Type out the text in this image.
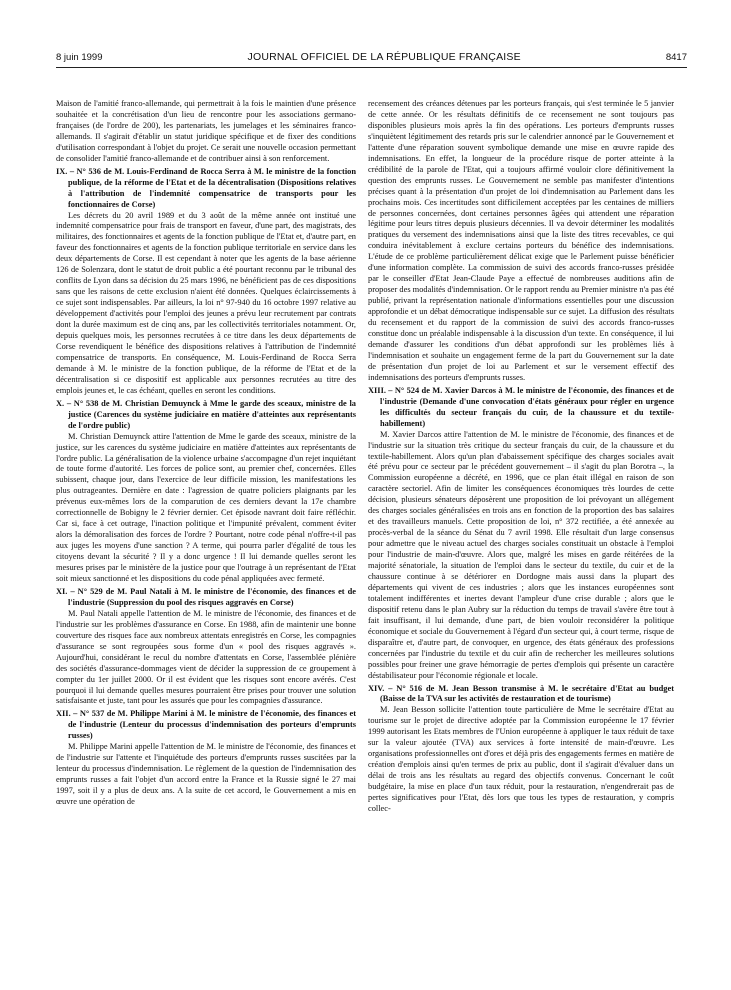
8 juin 1999	JOURNAL OFFICIEL DE LA RÉPUBLIQUE FRANÇAISE	8417

Maison de l'amitié franco-allemande, qui permettrait à la fois le maintien d'une présence souhaitée et la concrétisation d'un lieu de rencontre pour les associations germano-françaises (de l'ordre de 200), les partenariats, les jumelages et les séminaires franco-allemands. Il s'agirait d'établir un statut juridique spécifique et de fixer des conditions d'utilisation correspondant à l'objet du projet. Ce serait une nouvelle occasion permettant de consolider l'amitié franco-allemande et de contribuer ainsi à son renforcement.

IX. – N° 536 de M. Louis-Ferdinand de Rocca Serra à M. le ministre de la fonction publique, de la réforme de l'Etat et de la décentralisation (Dispositions relatives à l'attribution de l'indemnité compensatrice de transports pour les fonctionnaires de Corse)

Les décrets du 20 avril 1989 et du 3 août de la même année ont institué une indemnité compensatrice pour frais de transport en faveur, d'une part, des magistrats, des militaires, des fonctionnaires et agents de la fonction publique de l'Etat et, d'autre part, en faveur des fonctionnaires et agents de la fonction publique territoriale en service dans les deux départements de Corse. Il est cependant à noter que les agents de la base aérienne 126 de Solenzara, dont le statut de droit public a été pourtant reconnu par le tribunal des conflits de Lyon dans sa décision du 25 mars 1996, ne bénéficient pas de ces dispositions sans que les raisons de cette exclusion n'aient été données. Quelques éclaircissements à ce sujet sont indispensables. Par ailleurs, la loi n° 97-940 du 16 octobre 1997 relative au développement d'activités pour l'emploi des jeunes a prévu leur recrutement par contrats dont la durée maximum est de cinq ans, par les collectivités territoriales notamment. Or, depuis quelques mois, les personnes recrutées à ce titre dans les deux départements de Corse revendiquent le bénéfice des dispositions relatives à l'attribution de l'indemnité compensatrice de transports. En conséquence, M. Louis-Ferdinand de Rocca Serra demande à M. le ministre de la fonction publique, de la réforme de l'Etat et de la décentralisation si ce dispositif est applicable aux personnes recrutées au titre des emplois jeunes et, le cas échéant, quelles en seront les conditions.

X. – N° 538 de M. Christian Demuynck à Mme le garde des sceaux, ministre de la justice (Carences du système judiciaire en matière d'atteintes aux représentants de l'ordre public)

M. Christian Demuynck attire l'attention de Mme le garde des sceaux, ministre de la justice, sur les carences du système judiciaire en matière d'atteintes aux représentants de l'ordre public. La généralisation de la violence urbaine s'accompagne d'un rejet inquiétant de toute forme d'autorité. Les forces de police sont, au premier chef, concernées. Elles subissent, chaque jour, dans l'exercice de leur difficile mission, les manifestations les plus outrageantes. Dernière en date : l'agression de quatre policiers plaignants par les prévenus eux-mêmes lors de la comparution de ces derniers devant la 17e chambre correctionnelle de Bobigny le 2 février dernier. Cet épisode navrant doit faire réfléchir. Car si, face à cet outrage, l'inaction politique et l'impunité prévalent, comment éviter alors la démoralisation des forces de l'ordre ? Pourtant, notre code pénal n'offre-t-il pas aux juges les moyens d'une sanction ? A terme, qui pourra parler d'égalité de tous les citoyens devant la sécurité ? Il y a donc urgence ! Il lui demande quelles seront les mesures prises par le ministère de la justice pour que l'outrage à un représentant de l'Etat soit mieux sanctionné et les dispositions du code pénal appliquées avec fermeté.

XI. – N° 529 de M. Paul Natali à M. le ministre de l'économie, des finances et de l'industrie (Suppression du pool des risques aggravés en Corse)

M. Paul Natali appelle l'attention de M. le ministre de l'économie, des finances et de l'industrie sur les problèmes d'assurance en Corse. En 1988, afin de maintenir une bonne couverture des risques face aux nombreux attentats enregistrés en Corse, les compagnies d'assurance se sont regroupées sous forme d'un « pool des risques aggravés ». Aujourd'hui, considérant le recul du nombre d'attentats en Corse, l'assemblée plénière des sociétés d'assurance-dommages vient de décider la suppression de ce groupement à compter du 1er juillet 2000. Or il est évident que les risques sont encore avérés. C'est pourquoi il lui demande quelles mesures pourraient être prises pour trouver une solution satisfaisante et juste, tant pour les assurés que pour les compagnies d'assurance.

XII. – N° 537 de M. Philippe Marini à M. le ministre de l'économie, des finances et de l'industrie (Lenteur du processus d'indemnisation des porteurs d'emprunts russes)

M. Philippe Marini appelle l'attention de M. le ministre de l'économie, des finances et de l'industrie sur l'attente et l'inquiétude des porteurs d'emprunts russes suscitées par la lenteur du processus d'indemnisation. Le règlement de la question de l'indemnisation des emprunts russes a fait l'objet d'un accord entre la France et la Russie signé le 27 mai 1997, soit il y a plus de deux ans. A la suite de cet accord, le Gouvernement a mis en œuvre une opération de

recensement des créances détenues par les porteurs français, qui s'est terminée le 5 janvier de cette année. Or les résultats définitifs de ce recensement ne sont toujours pas disponibles plusieurs mois après la fin des opérations. Les porteurs d'emprunts russes s'inquiètent légitimement des retards pris sur le calendrier annoncé par le Gouvernement et l'attente d'une réparation souvent symbolique demande une mise en œuvre rapide des indemnisations. En effet, la longueur de la procédure risque de porter atteinte à la crédibilité de la parole de l'Etat, qui a toujours affirmé vouloir clore définitivement la question des emprunts russes. Le Gouvernement ne semble pas manifester d'intentions précises quant à la présentation d'un projet de loi d'indemnisation au Parlement dans les prochains mois. Ces incertitudes sont difficilement acceptées par les centaines de milliers de personnes concernées, dont certaines personnes âgées qui attendent une réparation légitime pour leurs titres depuis plusieurs décennies. Il va devoir déterminer les modalités pratiques du versement des indemnisations ainsi que la liste des titres recevables, ce qui conduira inévitablement à exclure certains porteurs du bénéfice des indemnisations. L'étude de ce problème particulièrement délicat exige que le Parlement puisse bénéficier d'une information complète. La commission de suivi des accords franco-russes présidée par le conseiller d'Etat Jean-Claude Paye a effectué de nombreuses auditions afin de proposer des modalités d'indemnisation. Or le rapport rendu au Premier ministre n'a pas été publié, privant la représentation nationale d'informations essentielles pour une discussion approfondie et un débat démocratique indispensable sur ce sujet. La diffusion des résultats du recensement et du rapport de la commission de suivi des accords franco-russes constitue donc un préalable indispensable à la discussion d'un texte. En conséquence, il lui demande d'assurer les conditions d'un débat approfondi sur les problèmes liés à l'indemnisation et souhaite un engagement ferme de la part du Gouvernement sur la date de présentation d'un projet de loi au Parlement et sur le versement effectif des indemnisations des porteurs d'emprunts russes.

XIII. – N° 524 de M. Xavier Darcos à M. le ministre de l'économie, des finances et de l'industrie (Demande d'une convocation d'états généraux pour régler en urgence les difficultés du secteur français du cuir, de la chaussure et du textile-habillement)

M. Xavier Darcos attire l'attention de M. le ministre de l'économie, des finances et de l'industrie sur la situation très critique du secteur français du cuir, de la chaussure et du textile-habillement. Alors qu'un plan d'abaissement spécifique des charges sociales avait été prévu pour ce secteur par le précédent gouvernement – il s'agit du plan Borotra –, la Commission européenne a décrété, en 1996, que ce plan était illégal en raison de son caractère sectoriel. Afin de limiter les conséquences économiques très lourdes de cette décision, plusieurs sénateurs déposèrent une proposition de loi prévoyant un allégement des charges sociales généralisées en trois ans en fonction de la proportion des bas salaires et des travailleurs manuels. Cette proposition de loi, n° 372 rectifiée, a été annexée au procès-verbal de la séance du Sénat du 7 avril 1998. Elle résultait d'un large consensus pour admettre que le niveau actuel des charges sociales constituait un obstacle à l'emploi pour l'industrie de main-d'œuvre. Alors que, malgré les mises en garde réitérées de la majorité sénatoriale, la situation de l'emploi dans le secteur du textile, du cuir et de la chaussure continue à se détériorer en Dordogne mais aussi dans la plupart des départements qui vivent de ces industries ; alors que les instances européennes sont totalement indifférentes et inertes devant l'ampleur d'une crise durable ; alors que le dispositif retenu dans le plan Aubry sur la réduction du temps de travail s'avère être tout à fait insuffisant, il lui demande, d'une part, de bien vouloir reconsidérer la politique économique et sociale du Gouvernement à l'égard d'un secteur qui, à court terme, risque de disparaître et, d'autre part, de convoquer, en urgence, des états généraux des professions concernées par l'industrie du textile et du cuir afin de rechercher les meilleures solutions possibles pour freiner une grave hémorragie de pertes d'emplois qui présente un caractère déstabilisateur pour l'économie régionale et locale.

XIV. – N° 516 de M. Jean Besson transmise à M. le secrétaire d'Etat au budget (Baisse de la TVA sur les activités de restauration et de tourisme)

M. Jean Besson sollicite l'attention toute particulière de Mme le secrétaire d'Etat au tourisme sur le projet de directive adoptée par la Commission européenne le 17 février 1999 autorisant les Etats membres de l'Union européenne à appliquer le taux réduit de taxe sur la valeur ajoutée (TVA) aux services à forte intensité de main-d'œuvre. Les organisations professionnelles ont d'ores et déjà pris des engagements fermes en matière de création d'emplois ainsi qu'en termes de prix au public, dont il s'agirait d'évaluer dans un délai de trois ans les résultats au regard des objectifs convenus. Concernant le coût budgétaire, la mise en place d'un taux réduit, pour la restauration, n'engendrerait pas de pertes significatives pour l'Etat, dès lors que tous les types de restauration, y compris collec-
